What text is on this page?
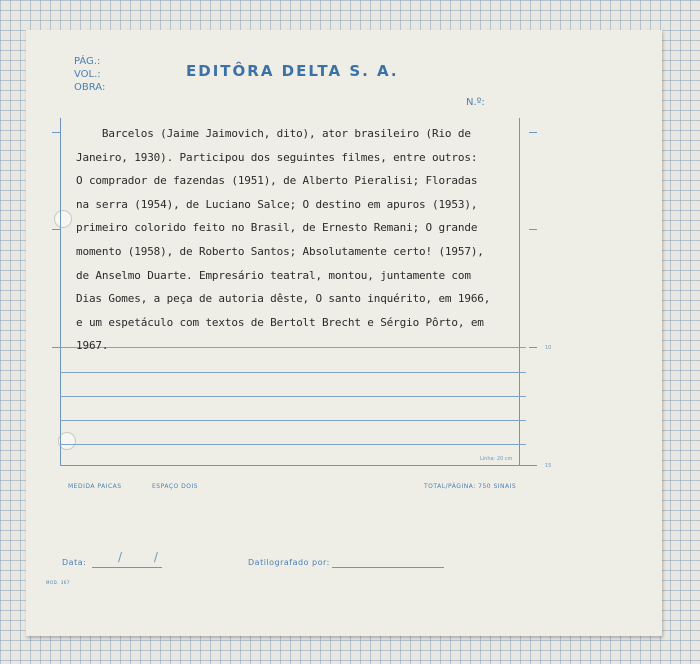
PÁG.:
VOL.:
OBRA:
EDITÔRA DELTA S. A.
N.º:
10
15
Linha: 20 cm
Barcelos (Jaime Jaimovich, dito), ator brasileiro (Rio de
Janeiro, 1930). Participou dos seguintes filmes, entre outros:
O comprador de fazendas (1951), de Alberto Pieralisi; Floradas
na serra (1954), de Luciano Salce; O destino em apuros (1953),
primeiro colorido feito no Brasil, de Ernesto Remani; O grande
momento (1958), de Roberto Santos; Absolutamente certo! (1957),
de Anselmo Duarte. Empresário teatral, montou, juntamente com
Dias Gomes, a peça de autoria dêste, O santo inquérito, em 1966,
e um espetáculo com textos de Bertolt Brecht e Sérgio Pôrto, em
1967.
MEDIDA PAICAS	ESPAÇO DOIS	TOTAL/PÁGINA: 750 SINAIS
Data:	/ /	Datilografado por:
MOD. 367
